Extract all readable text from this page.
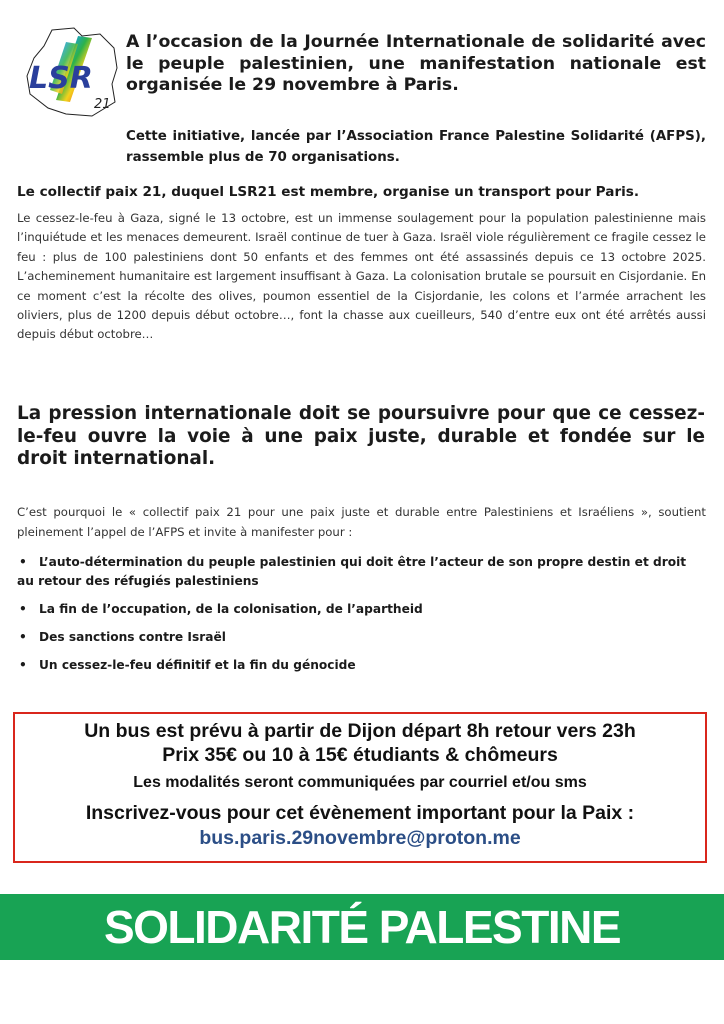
LSR
21
A l’occasion de la Journée Internationale de solidarité avec le peuple palestinien, une manifestation nationale est organisée le 29 novembre à Paris.
Cette initiative, lancée par l’Association France Palestine Solidarité (AFPS), rassemble plus de 70 organisations.
Le collectif paix 21, duquel LSR21 est membre, organise un transport pour Paris.
Le cessez-le-feu à Gaza, signé le 13 octobre, est un immense soulagement pour la population palestinienne mais l’inquiétude et les menaces demeurent. Israël continue de tuer à Gaza. Israël viole régulièrement ce fragile cessez le feu : plus de 100 palestiniens dont 50 enfants et des femmes ont été assassinés depuis ce 13 octobre 2025. L’acheminement humanitaire est largement insuffisant à Gaza. La colonisation brutale se poursuit en Cisjordanie. En ce moment c’est la récolte des olives, poumon essentiel de la Cisjordanie, les colons et l’armée arrachent les oliviers, plus de 1200 depuis début octobre…, font la chasse aux cueilleurs, 540 d’entre eux ont été arrêtés aussi depuis début octobre…
La pression internationale doit se poursuivre pour que ce cessez-le-feu ouvre la voie à une paix juste, durable et fondée sur le droit international.
C’est pourquoi le « collectif paix 21 pour une paix juste et durable entre Palestiniens et Israéliens », soutient pleinement l’appel de l’AFPS et invite à manifester pour :
• L’auto-détermination du peuple palestinien qui doit être l’acteur de son propre destin et droit au retour des réfugiés palestiniens
• La fin de l’occupation, de la colonisation, de l’apartheid
• Des sanctions contre Israël
• Un cessez-le-feu définitif et la fin du génocide
Un bus est prévu à partir de Dijon départ 8h retour vers 23h
Prix 35€ ou 10 à 15€ étudiants & chômeurs
Les modalités seront communiquées par courriel et/ou sms
Inscrivez-vous pour cet évènement important pour la Paix :
bus.paris.29novembre@proton.me
SOLIDARITÉ PALESTINE
